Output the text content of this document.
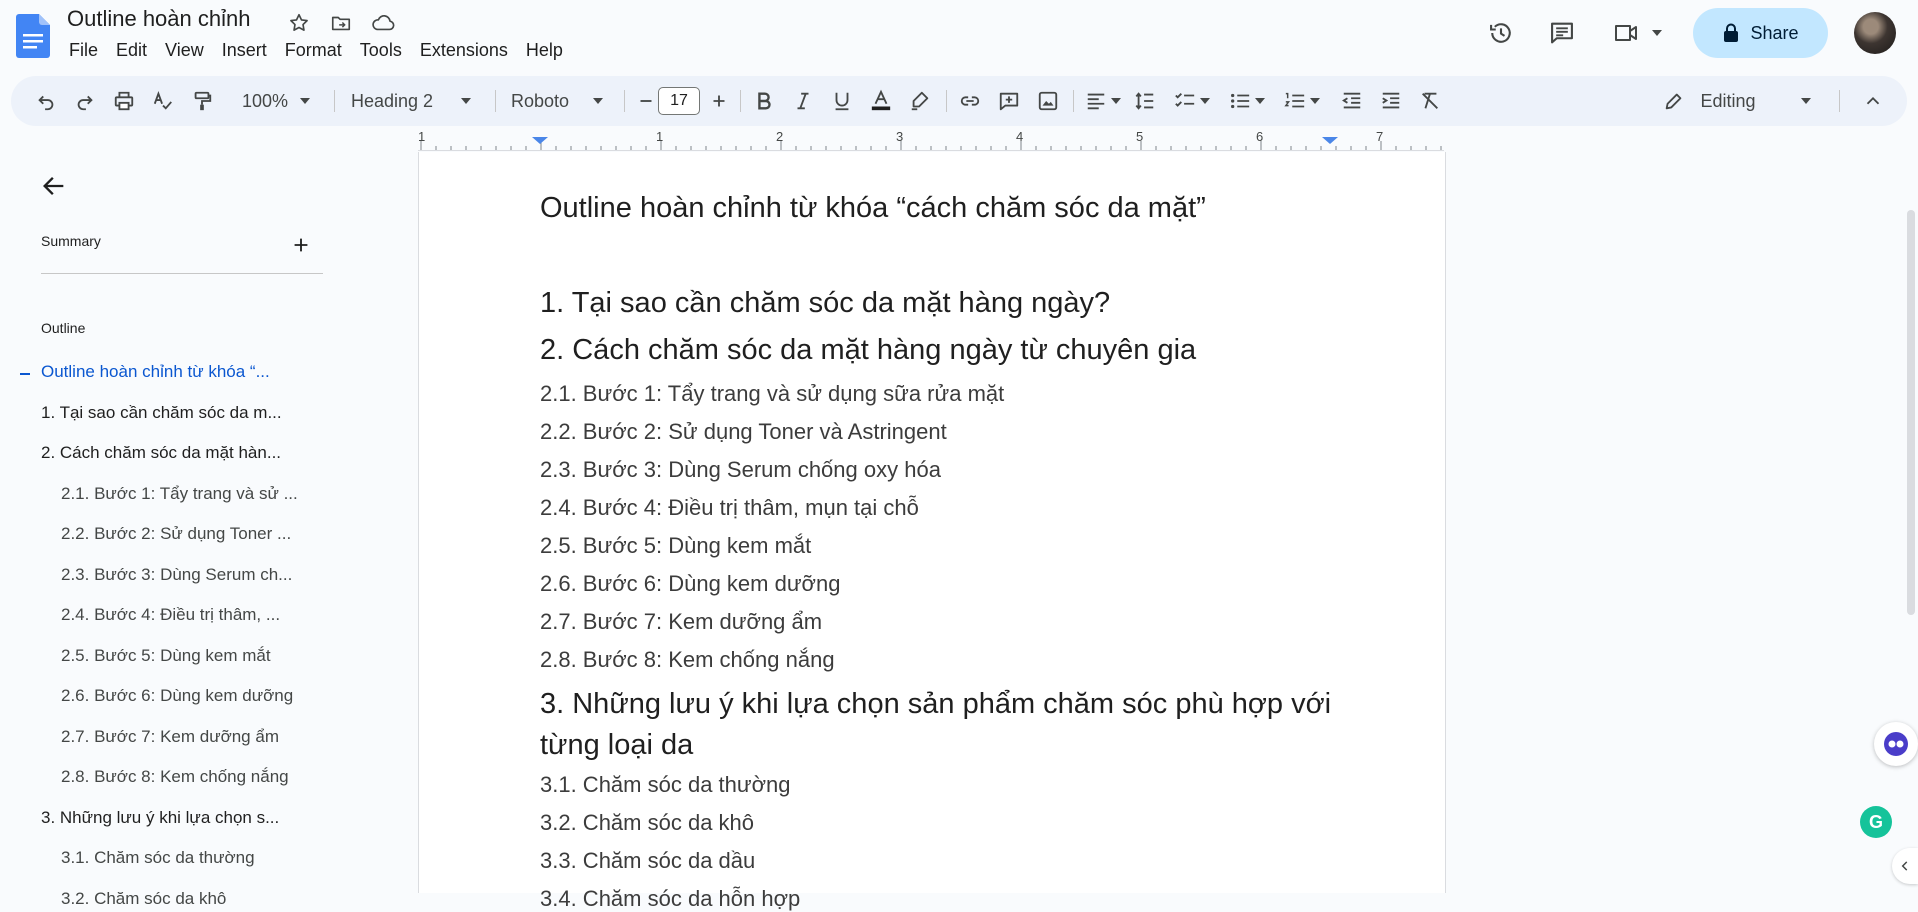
Outline hoàn chỉnh
File	Edit	View	Insert	Format	Tools	Extensions	Help
Share
100%	Heading 2	Roboto	17	Editing
1	1	2	3	4	5	6	7
Summary
Outline
Outline hoàn chỉnh từ khóa “...
1. Tại sao cần chăm sóc da m...
2. Cách chăm sóc da mặt hàn...
2.1. Bước 1: Tẩy trang và sử ...
2.2. Bước 2: Sử dụng Toner ...
2.3. Bước 3: Dùng Serum ch...
2.4. Bước 4: Điều trị thâm, ...
2.5. Bước 5: Dùng kem mắt
2.6. Bước 6: Dùng kem dưỡng
2.7. Bước 7: Kem dưỡng ẩm
2.8. Bước 8: Kem chống nắng
3. Những lưu ý khi lựa chọn s...
3.1. Chăm sóc da thường
3.2. Chăm sóc da khô
Outline hoàn chỉnh từ khóa “cách chăm sóc da mặt”
1. Tại sao cần chăm sóc da mặt hàng ngày?
2. Cách chăm sóc da mặt hàng ngày từ chuyên gia
2.1. Bước 1: Tẩy trang và sử dụng sữa rửa mặt
2.2. Bước 2: Sử dụng Toner và Astringent
2.3. Bước 3: Dùng Serum chống oxy hóa
2.4. Bước 4: Điều trị thâm, mụn tại chỗ
2.5. Bước 5: Dùng kem mắt
2.6. Bước 6: Dùng kem dưỡng
2.7. Bước 7: Kem dưỡng ẩm
2.8. Bước 8: Kem chống nắng
3. Những lưu ý khi lựa chọn sản phẩm chăm sóc phù hợp với
từng loại da
3.1. Chăm sóc da thường
3.2. Chăm sóc da khô
3.3. Chăm sóc da dầu
3.4. Chăm sóc da hỗn hợp
G
